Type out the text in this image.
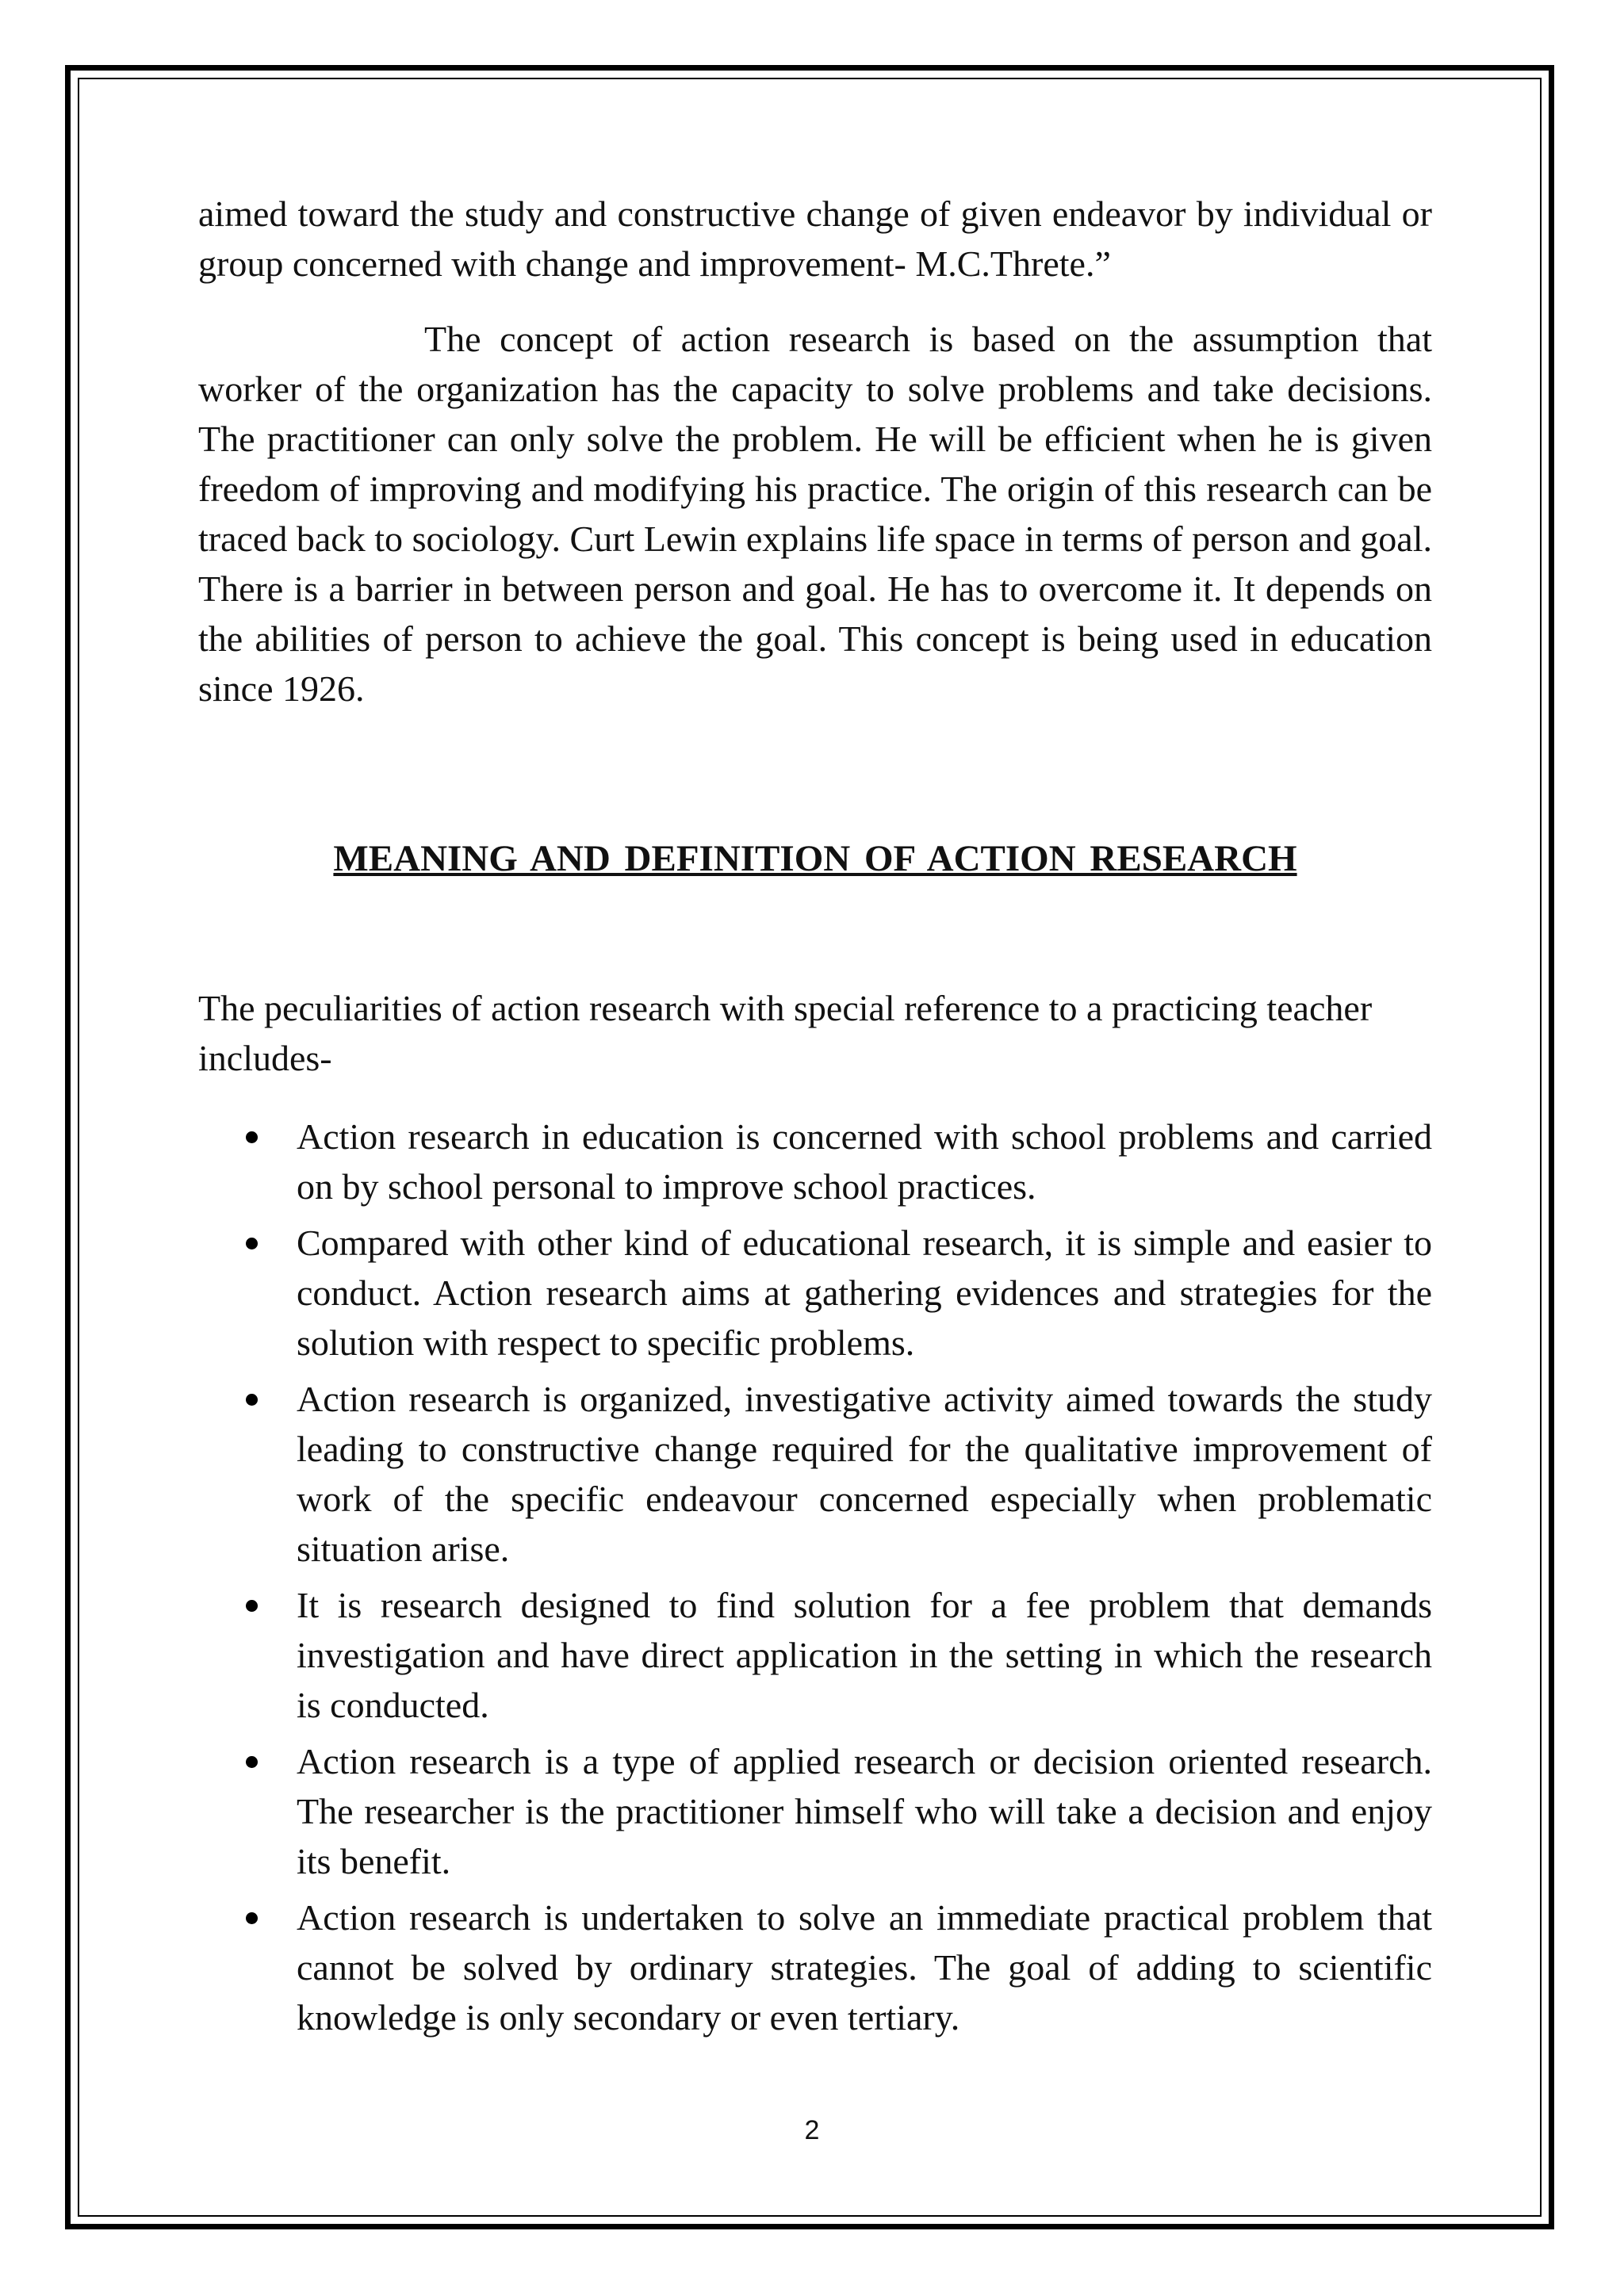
aimed toward the study and constructive change of given endeavor by individual or group concerned with change and improvement- M.C.Threte.”

The concept of action research is based on the assumption that worker of the organization has the capacity to solve problems and take decisions. The practitioner can only solve the problem. He will be efficient when he is given freedom of improving and modifying his practice. The origin of this research can be traced back to sociology. Curt Lewin explains life space in terms of person and goal. There is a barrier in between person and goal. He has to overcome it. It depends on the abilities of person to achieve the goal. This concept is being used in education since 1926.

MEANING AND DEFINITION OF ACTION RESEARCH

The peculiarities of action research with special reference to a practicing teacher includes-

Action research in education is concerned with school problems and carried on by school personal to improve school practices.
Compared with other kind of educational research, it is simple and easier to conduct. Action research aims at gathering evidences and strategies for the solution with respect to specific problems.
Action research is organized, investigative activity aimed towards the study leading to constructive change required for the qualitative improvement of work of the specific endeavour concerned especially when problematic situation arise.
It is research designed to find solution for a fee problem that demands investigation and have direct application in the setting in which the research is conducted.
Action research is a type of applied research or decision oriented research. The researcher is the practitioner himself who will take a decision and enjoy its benefit.
Action research is undertaken to solve an immediate practical problem that cannot be solved by ordinary strategies. The goal of adding to scientific knowledge is only secondary or even tertiary.
2
